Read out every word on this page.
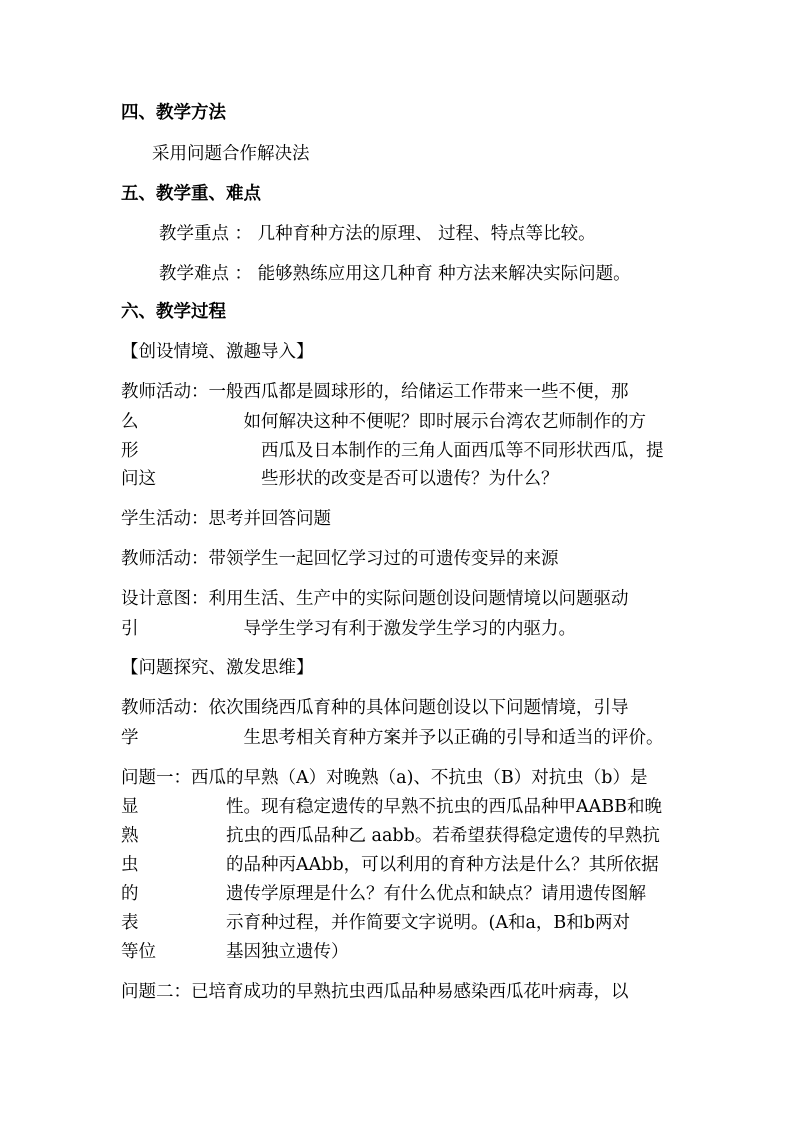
四、教学方法
采用问题合作解决法
五、教学重、难点
教学重点 ： 几种育种方法的原理、 过程、特点等比较。
教学难点 ： 能够熟练应用这几种育 种方法来解决实际问题。
六、教学过程
【创设情境、激趣导入】
教师活动：一般西瓜都是圆球形的，给储运工作带来一些不便，那
么　　　　　　如何解决这种不便呢？即时展示台湾农艺师制作的方
形　　　　　　　西瓜及日本制作的三角人面西瓜等不同形状西瓜，提
问这　　　　　　些形状的改变是否可以遗传？为什么？
学生活动：思考并回答问题
教师活动：带领学生一起回忆学习过的可遗传变异的来源
设计意图：利用生活、生产中的实际问题创设问题情境以问题驱动
引　　　　　　导学生学习有利于激发学生学习的内驱力。
【问题探究、激发思维】
教师活动：依次围绕西瓜育种的具体问题创设以下问题情境，引导
学　　　　　　生思考相关育种方案并予以正确的引导和适当的评价。
问题一：西瓜的早熟（A）对晚熟（a)、不抗虫（B）对抗虫（b）是
显　　　　　性。现有稳定遗传的早熟不抗虫的西瓜品种甲AABB和晚
熟　　　　　抗虫的西瓜品种乙 aabb。若希望获得稳定遗传的早熟抗
虫　　　　　的品种丙AAbb，可以利用的育种方法是什么？其所依据
的　　　　　遗传学原理是什么？有什么优点和缺点？请用遗传图解
表　　　　　示育种过程，并作简要文字说明。(A和a，B和b两对
等位　　　　基因独立遗传）
问题二：已培育成功的早熟抗虫西瓜品种易感染西瓜花叶病毒，以
